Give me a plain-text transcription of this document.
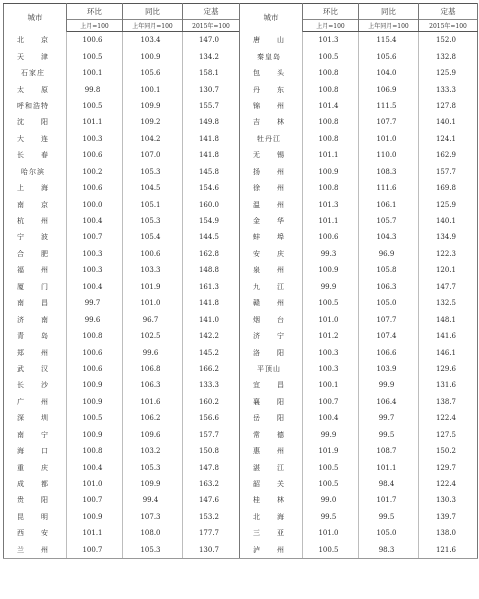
城市	环比	同比	定基	城市	环比	同比	定基
	上月=100	上年同月=100	2015年=100		上月=100	上年同月=100	2015年=100
北　　京	100.6	103.4	147.0	唐　　山	101.3	115.4	152.0
天　　津	100.5	100.9	134.2	秦皇岛	100.5	105.6	132.8
石家庄	100.1	105.6	158.1	包　　头	100.8	104.0	125.9
太　　原	99.8	100.1	130.7	丹　　东	100.8	106.9	133.3
呼和浩特	100.5	109.9	155.7	锦　　州	101.4	111.5	127.8
沈　　阳	101.1	109.2	149.8	吉　　林	100.8	107.7	140.1
大　　连	100.3	104.2	141.8	牡丹江	100.8	101.0	124.1
长　　春	100.6	107.0	141.8	无　　锡	101.1	110.0	162.9
哈尔滨	100.2	105.3	145.8	扬　　州	100.9	108.3	157.7
上　　海	100.6	104.5	154.6	徐　　州	100.8	111.6	169.8
南　　京	100.0	105.1	160.0	温　　州	101.3	106.1	125.9
杭　　州	100.4	105.3	154.9	金　　华	101.1	105.7	140.1
宁　　波	100.7	105.4	144.5	蚌　　埠	100.6	104.3	134.9
合　　肥	100.3	100.6	162.8	安　　庆	99.3	96.9	122.3
福　　州	100.3	103.3	148.8	泉　　州	100.9	105.8	120.1
厦　　门	100.4	101.9	161.3	九　　江	99.9	106.3	147.7
南　　昌	99.7	101.0	141.8	赣　　州	100.5	105.0	132.5
济　　南	99.6	96.7	141.0	烟　　台	101.0	107.7	148.1
青　　岛	100.8	102.5	142.2	济　　宁	101.2	107.4	141.6
郑　　州	100.6	99.6	145.2	洛　　阳	100.3	106.6	146.1
武　　汉	100.6	106.8	166.2	平顶山	100.3	103.9	129.6
长　　沙	100.9	106.3	133.3	宜　　昌	100.1	99.9	131.6
广　　州	100.9	101.6	160.2	襄　　阳	100.7	106.4	138.7
深　　圳	100.5	106.2	156.6	岳　　阳	100.4	99.7	122.4
南　　宁	100.9	109.6	157.7	常　　德	99.9	99.5	127.5
海　　口	100.8	103.2	150.8	惠　　州	101.9	108.7	150.2
重　　庆	100.4	105.3	147.8	湛　　江	100.5	101.1	129.7
成　　都	101.0	109.9	163.2	韶　　关	100.5	98.4	122.4
贵　　阳	100.7	99.4	147.6	桂　　林	99.0	101.7	130.3
昆　　明	100.9	107.3	153.2	北　　海	99.5	99.5	139.7
西　　安	101.1	108.0	177.7	三　　亚	101.0	105.0	138.0
兰　　州	100.7	105.3	130.7	泸　　州	100.5	98.3	121.6
